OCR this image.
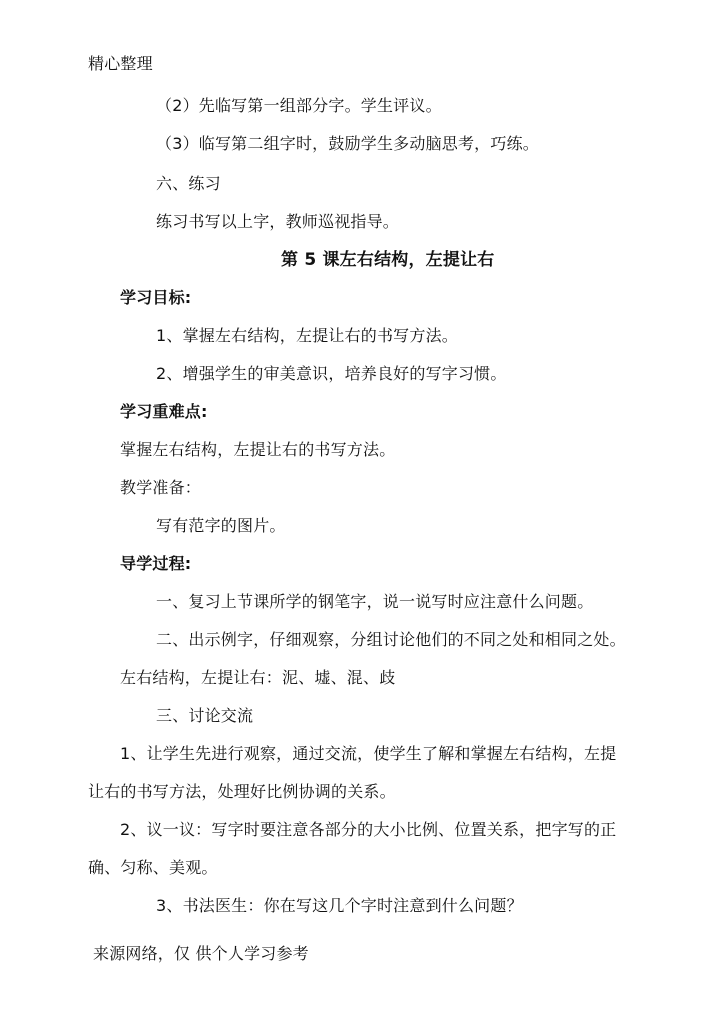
精心整理
（2）先临写第一组部分字。学生评议。
（3）临写第二组字时，鼓励学生多动脑思考，巧练。
六、练习
练习书写以上字，教师巡视指导。
第 5 课左右结构，左提让右
学习目标:
1、掌握左右结构，左提让右的书写方法。
2、增强学生的审美意识，培养良好的写字习惯。
学习重难点:
掌握左右结构，左提让右的书写方法。
教学准备：
写有范字的图片。
导学过程:
一、复习上节课所学的钢笔字，说一说写时应注意什么问题。
二、出示例字，仔细观察，分组讨论他们的不同之处和相同之处。
左右结构，左提让右：泥、墟、混、歧
三、讨论交流
1、让学生先进行观察，通过交流，使学生了解和掌握左右结构，左提
让右的书写方法，处理好比例协调的关系。
2、议一议：写字时要注意各部分的大小比例、位置关系，把字写的正
确、匀称、美观。
3、书法医生：你在写这几个字时注意到什么问题？
来源网络，仅 供个人学习参考
